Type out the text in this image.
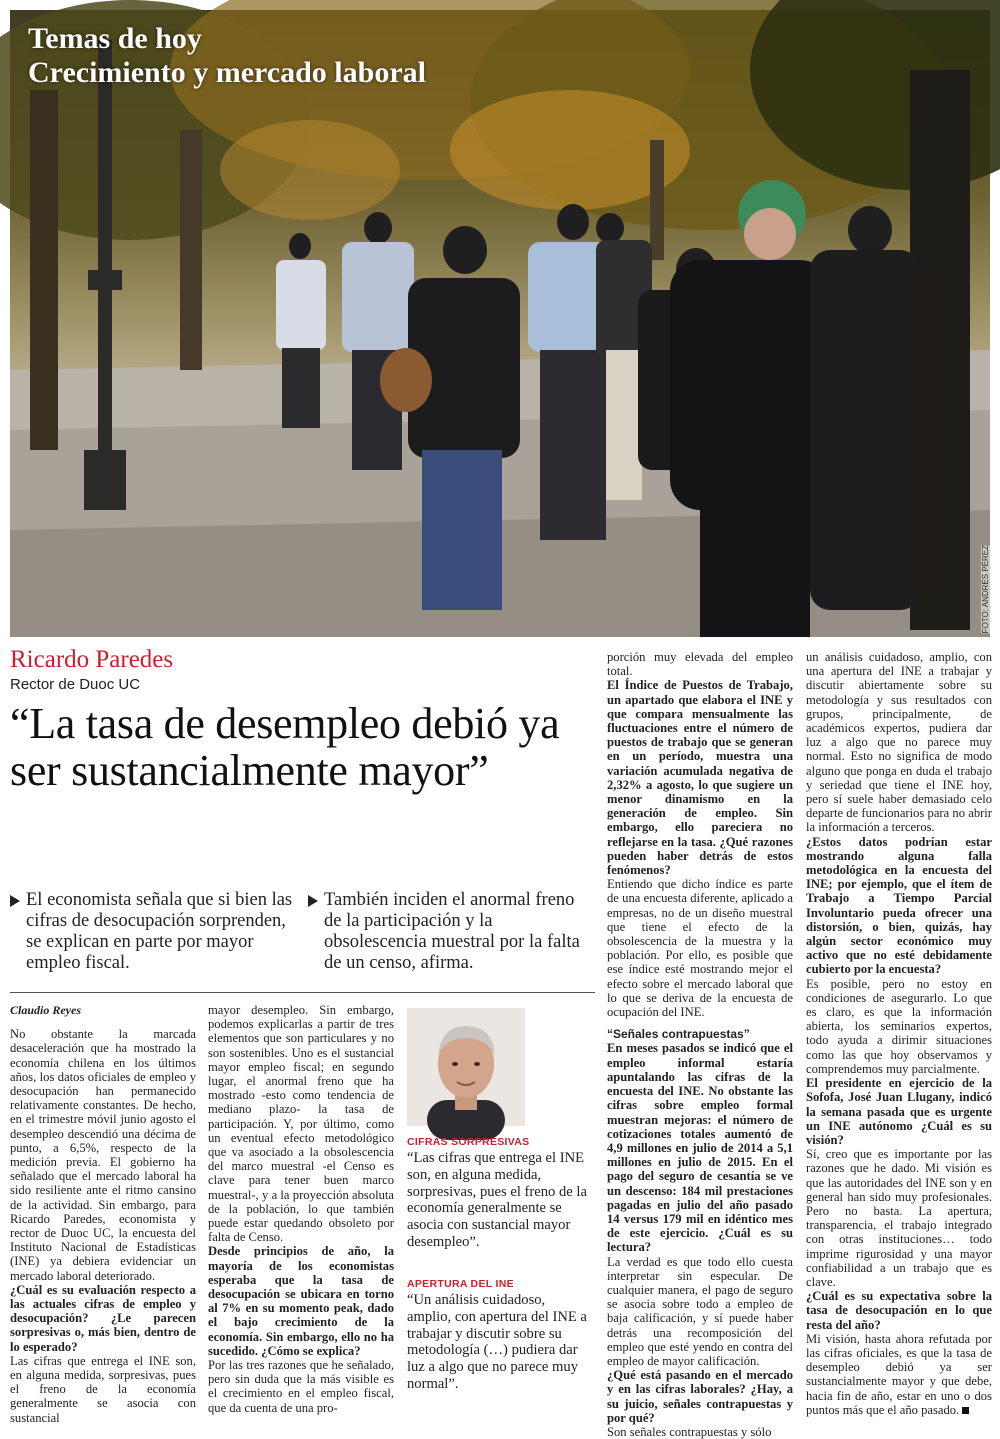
Temas de hoy
Crecimiento y mercado laboral
FOTO: ANDRÉS PÉREZ
Ricardo Paredes
Rector de Duoc UC
“La tasa de desempleo debió ya ser sustancialmente mayor”
El economista señala que si bien las cifras de desocupación sorprenden, se explican en parte por mayor empleo fiscal.
También inciden el anormal freno de la participación y la obsolescencia muestral por la falta de un censo, afirma.
Claudio Reyes

No obstante la marcada desaceleración que ha mostrado la economía chilena en los últimos años, los datos oficiales de empleo y desocupación han permanecido relativamente constantes. De hecho, en el trimestre móvil junio agosto el desempleo descendió una décima de punto, a 6,5%, respecto de la medición previa. El gobierno ha señalado que el mercado laboral ha sido resiliente ante el ritmo cansino de la actividad. Sin embargo, para Ricardo Paredes, economista y rector de Duoc UC, la encuesta del Instituto Nacional de Estadísticas (INE) ya debiera evidenciar un mercado laboral deteriorado.

¿Cuál es su evaluación respecto a las actuales cifras de empleo y desocupación? ¿Le parecen sorpresivas o, más bien, dentro de lo esperado?

Las cifras que entrega el INE son, en alguna medida, sorpresivas, pues el freno de la economía generalmente se asocia con sustancial

mayor desempleo. Sin embargo, podemos explicarlas a partir de tres elementos que son particulares y no son sostenibles. Uno es el sustancial mayor empleo fiscal; en segundo lugar, el anormal freno que ha mostrado -esto como tendencia de mediano plazo- la tasa de participación. Y, por último, como un eventual efecto metodológico que va asociado a la obsolescencia del marco muestral -el Censo es clave para tener buen marco muestral-, y a la proyección absoluta de la población, lo que también puede estar quedando obsoleto por falta de Censo.

Desde principios de año, la mayoría de los economistas esperaba que la tasa de desocupación se ubicara en torno al 7% en su momento peak, dado el bajo crecimiento de la economía. Sin embargo, ello no ha sucedido. ¿Cómo se explica?

Por las tres razones que he señalado, pero sin duda que la más visible es el crecimiento en el empleo fiscal, que da cuenta de una pro-

CIFRAS SORPRESIVAS
“Las cifras que entrega el INE son, en alguna medida, sorpresivas, pues el freno de la economía generalmente se asocia con sustancial mayor desempleo”.
APERTURA DEL INE
“Un análisis cuidadoso, amplio, con apertura del INE a trabajar y discutir sobre su metodología (…) pudiera dar luz a algo que no parece muy normal”.

porción muy elevada del empleo total.

El Índice de Puestos de Trabajo, un apartado que elabora el INE y que compara mensualmente las fluctuaciones entre el número de puestos de trabajo que se generan en un período, muestra una variación acumulada negativa de 2,32% a agosto, lo que sugiere un menor dinamismo en la generación de empleo. Sin embargo, ello pareciera no reflejarse en la tasa. ¿Qué razones pueden haber detrás de estos fenómenos?

Entiendo que dicho índice es parte de una encuesta diferente, aplicado a empresas, no de un diseño muestral que tiene el efecto de la obsolescencia de la muestra y la población. Por ello, es posible que ese índice esté mostrando mejor el efecto sobre el mercado laboral que lo que se deriva de la encuesta de ocupación del INE.

“Señales contrapuestas”

En meses pasados se indicó que el empleo informal estaría apuntalando las cifras de la encuesta del INE. No obstante las cifras sobre empleo formal muestran mejoras: el número de cotizaciones totales aumentó de 4,9 millones en julio de 2014 a 5,1 millones en julio de 2015. En el pago del seguro de cesantía se ve un descenso: 184 mil prestaciones pagadas en julio del año pasado 14 versus 179 mil en idéntico mes de este ejercicio. ¿Cuál es su lectura?

La verdad es que todo ello cuesta interpretar sin especular. De cualquier manera, el pago de seguro se asocia sobre todo a empleo de baja calificación, y sí puede haber detrás una recomposición del empleo que esté yendo en contra del empleo de mayor calificación.

¿Qué está pasando en el mercado y en las cifras laborales? ¿Hay, a su juicio, señales contrapuestas y por qué?

Son señales contrapuestas y sólo

un análisis cuidadoso, amplio, con una apertura del INE a trabajar y discutir abiertamente sobre su metodología y sus resultados con grupos, principalmente, de académicos expertos, pudiera dar luz a algo que no parece muy normal. Esto no significa de modo alguno que ponga en duda el trabajo y seriedad que tiene el INE hoy, pero sí suele haber demasiado celo departe de funcionarios para no abrir la información a terceros.

¿Estos datos podrían estar mostrando alguna falla metodológica en la encuesta del INE; por ejemplo, que el ítem de Trabajo a Tiempo Parcial Involuntario pueda ofrecer una distorsión, o bien, quizás, hay algún sector económico muy activo que no esté debidamente cubierto por la encuesta?

Es posible, pero no estoy en condiciones de asegurarlo. Lo que es claro, es que la información abierta, los seminarios expertos, todo ayuda a dirimir situaciones como las que hoy observamos y comprendemos muy parcialmente.

El presidente en ejercicio de la Sofofa, José Juan Llugany, indicó la semana pasada que es urgente un INE autónomo ¿Cuál es su visión?

Sí, creo que es importante por las razones que he dado. Mi visión es que las autoridades del INE son y en general han sido muy profesionales. Pero no basta. La apertura, transparencia, el trabajo integrado con otras instituciones… todo imprime rigurosidad y una mayor confiabilidad a un trabajo que es clave.

¿Cuál es su expectativa sobre la tasa de desocupación en lo que resta del año?

Mi visión, hasta ahora refutada por las cifras oficiales, es que la tasa de desempleo debió ya ser sustancialmente mayor y que debe, hacia fin de año, estar en uno o dos puntos más que el año pasado.
